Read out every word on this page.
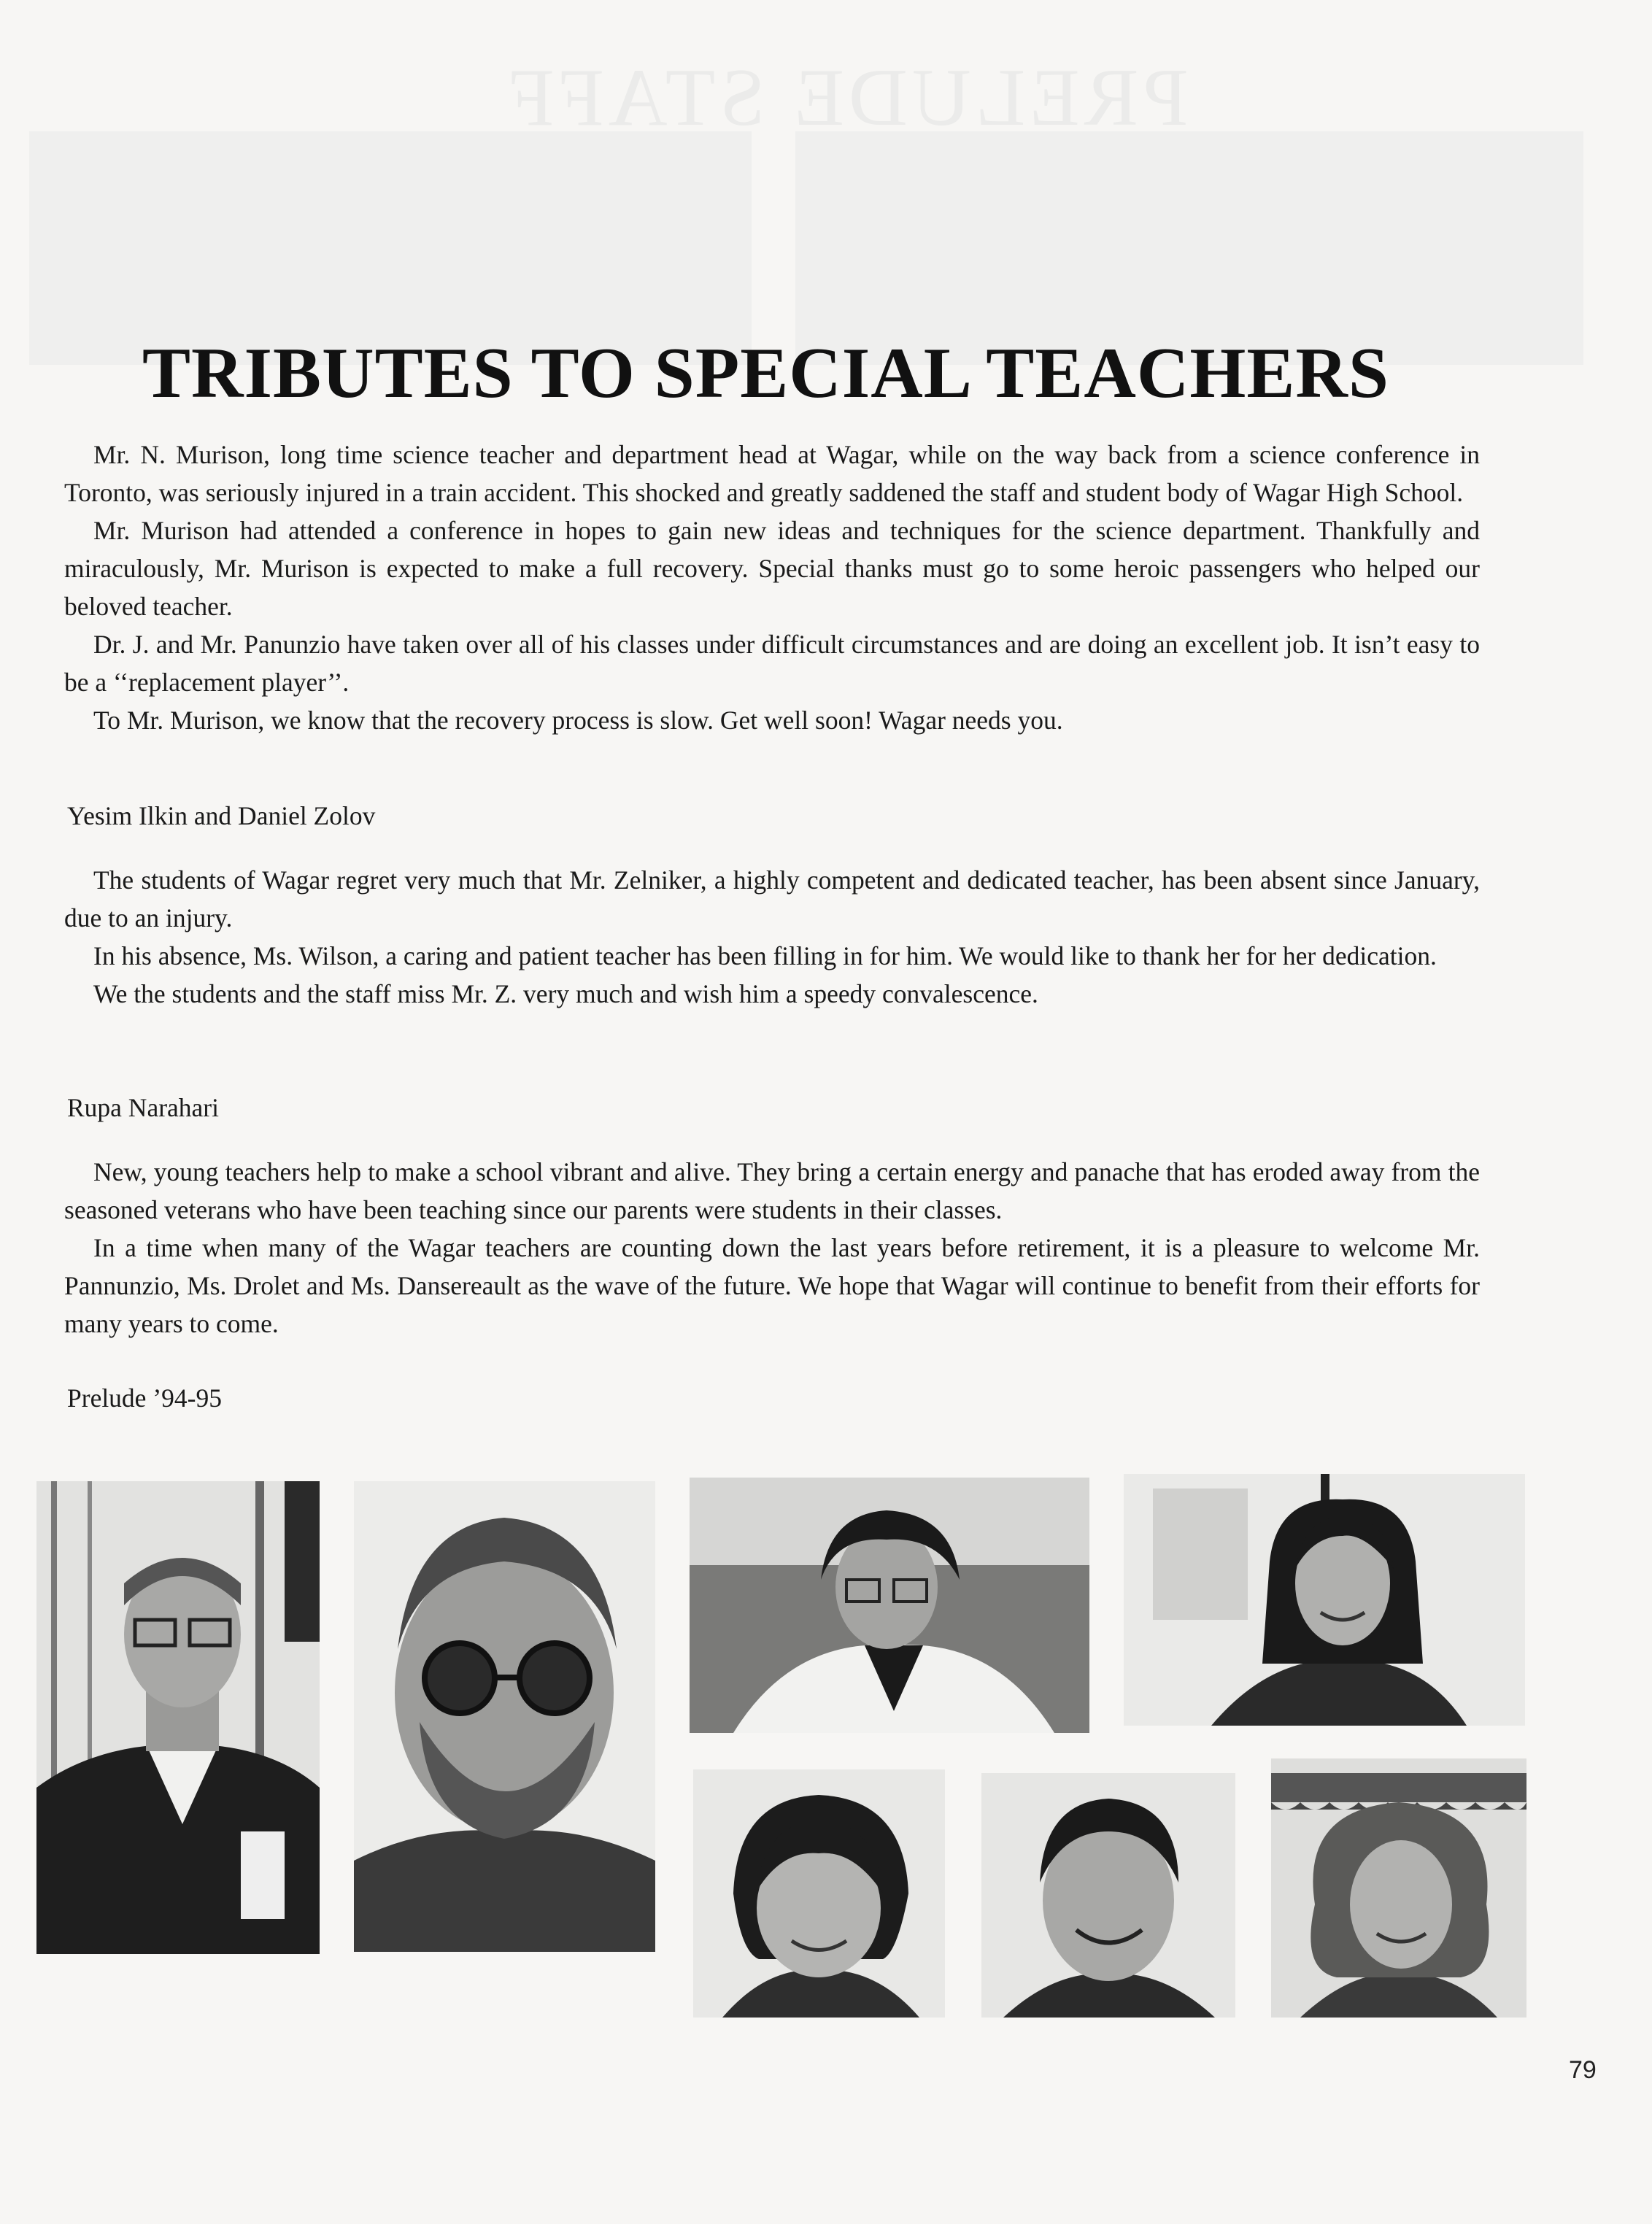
PRELUDE STAFF
TRIBUTES TO SPECIAL TEACHERS

Mr. N. Murison, long time science teacher and department head at Wagar, while on the way back from a science conference in Toronto, was seriously injured in a train accident. This shocked and greatly saddened the staff and student body of Wagar High School.

Mr. Murison had attended a conference in hopes to gain new ideas and techniques for the science department. Thankfully and miraculously, Mr. Murison is expected to make a full recovery. Special thanks must go to some heroic passengers who helped our beloved teacher.

Dr. J. and Mr. Panunzio have taken over all of his classes under difficult circumstances and are doing an excellent job. It isn’t easy to be a ‘‘replacement player’’.

To Mr. Murison, we know that the recovery process is slow. Get well soon! Wagar needs you.

Yesim Ilkin and Daniel Zolov

The students of Wagar regret very much that Mr. Zelniker, a highly competent and dedicated teacher, has been absent since January, due to an injury.

In his absence, Ms. Wilson, a caring and patient teacher has been filling in for him. We would like to thank her for her dedication.

We the students and the staff miss Mr. Z. very much and wish him a speedy convalescence.

Rupa Narahari

New, young teachers help to make a school vibrant and alive. They bring a certain energy and panache that has eroded away from the seasoned veterans who have been teaching since our parents were students in their classes.

In a time when many of the Wagar teachers are counting down the last years before retirement, it is a pleasure to welcome Mr. Pannunzio, Ms. Drolet and Ms. Dansereault as the wave of the future. We hope that Wagar will continue to benefit from their efforts for many years to come.

Prelude ’94-95
79
